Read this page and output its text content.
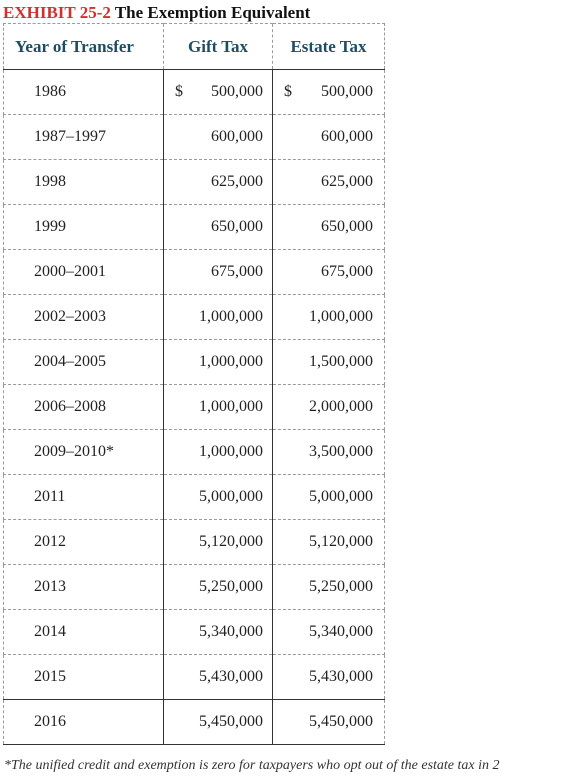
EXHIBIT 25-2 The Exemption Equivalent
Year of Transfer	Gift Tax	Estate Tax
1986	$ 500,000	$ 500,000

1987–1997	600,000	600,000
1998	625,000	625,000
1999	650,000	650,000
2000–2001	675,000	675,000
2002–2003	1,000,000	1,000,000
2004–2005	1,000,000	1,500,000
2006–2008	1,000,000	2,000,000
2009–2010*	1,000,000	3,500,000
2011	5,000,000	5,000,000
2012	5,120,000	5,120,000
2013	5,250,000	5,250,000
2014	5,340,000	5,340,000
2015	5,430,000	5,430,000
2016	5,450,000	5,450,000
*The unified credit and exemption is zero for taxpayers who opt out of the estate tax in 2
